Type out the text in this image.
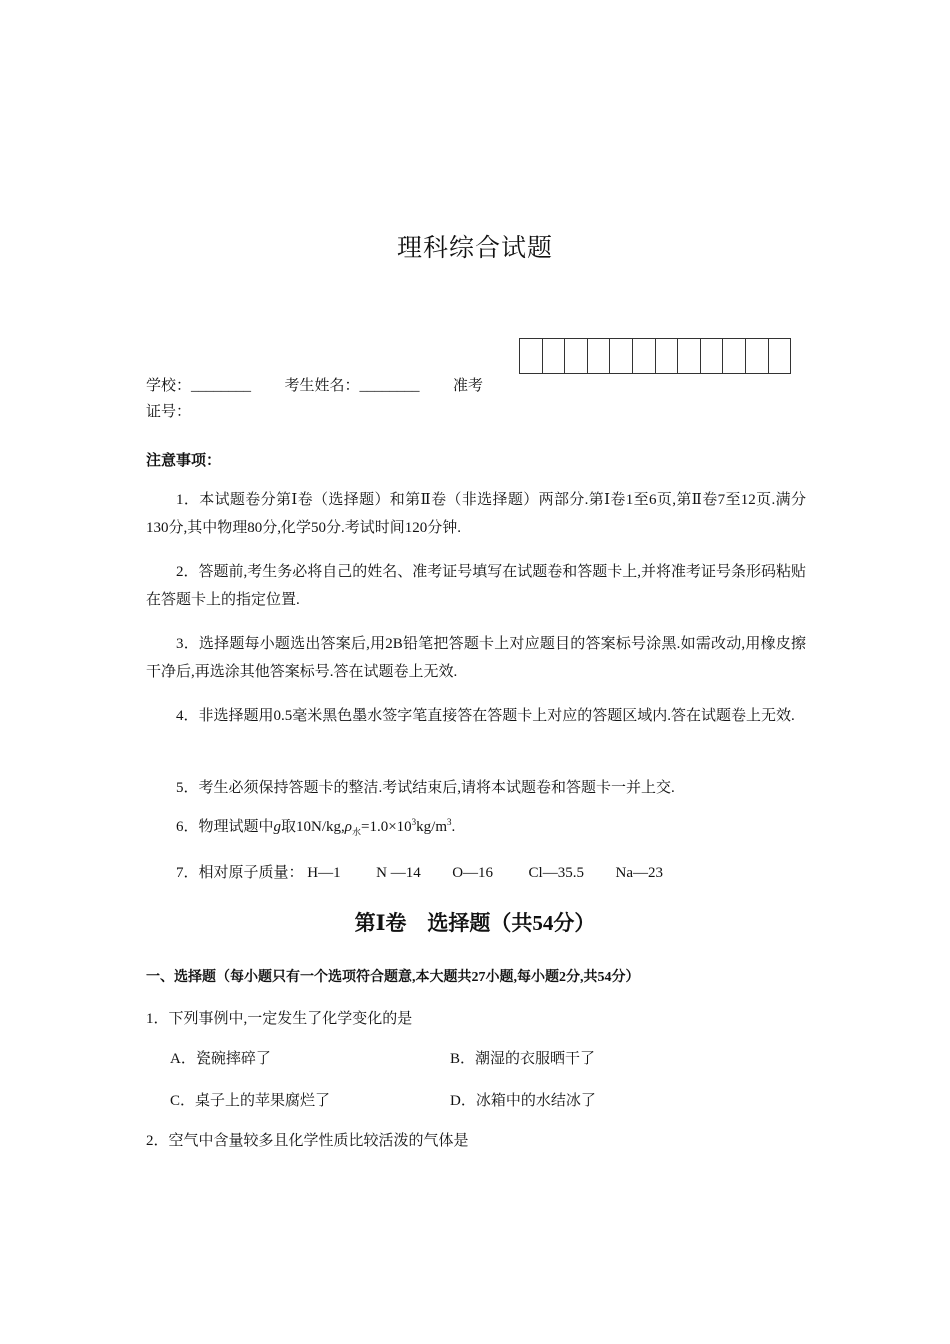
理科综合试题
学校：________ 考生姓名：________ 准考
证号：
注意事项：
1．本试题卷分第Ⅰ卷（选择题）和第Ⅱ卷（非选择题）两部分.第Ⅰ卷1至6页,第Ⅱ卷7至12页.满分130分,其中物理80分,化学50分.考试时间120分钟.
2．答题前,考生务必将自己的姓名、准考证号填写在试题卷和答题卡上,并将准考证号条形码粘贴在答题卡上的指定位置.
3．选择题每小题选出答案后,用2B铅笔把答题卡上对应题目的答案标号涂黑.如需改动,用橡皮擦干净后,再选涂其他答案标号.答在试题卷上无效.
4．非选择题用0.5毫米黑色墨水签字笔直接答在答题卡上对应的答题区域内.答在试题卷上无效.
5．考生必须保持答题卡的整洁.考试结束后,请将本试题卷和答题卡一并上交.
6．物理试题中g取$10N/kg,\rho_水=1.0\times 10^3kg/m^3$.
7．相对原子质量： H—1 N —14 O—16 Cl—35.5 Na—23
第Ⅰ卷　选择题（共54分）
一、选择题（每小题只有一个选项符合题意,本大题共27小题,每小题2分,共54分）
1．下列事例中,一定发生了化学变化的是
A．瓷碗摔碎了	B．潮湿的衣服晒干了
C．桌子上的苹果腐烂了	D．冰箱中的水结冰了
2．空气中含量较多且化学性质比较活泼的气体是
